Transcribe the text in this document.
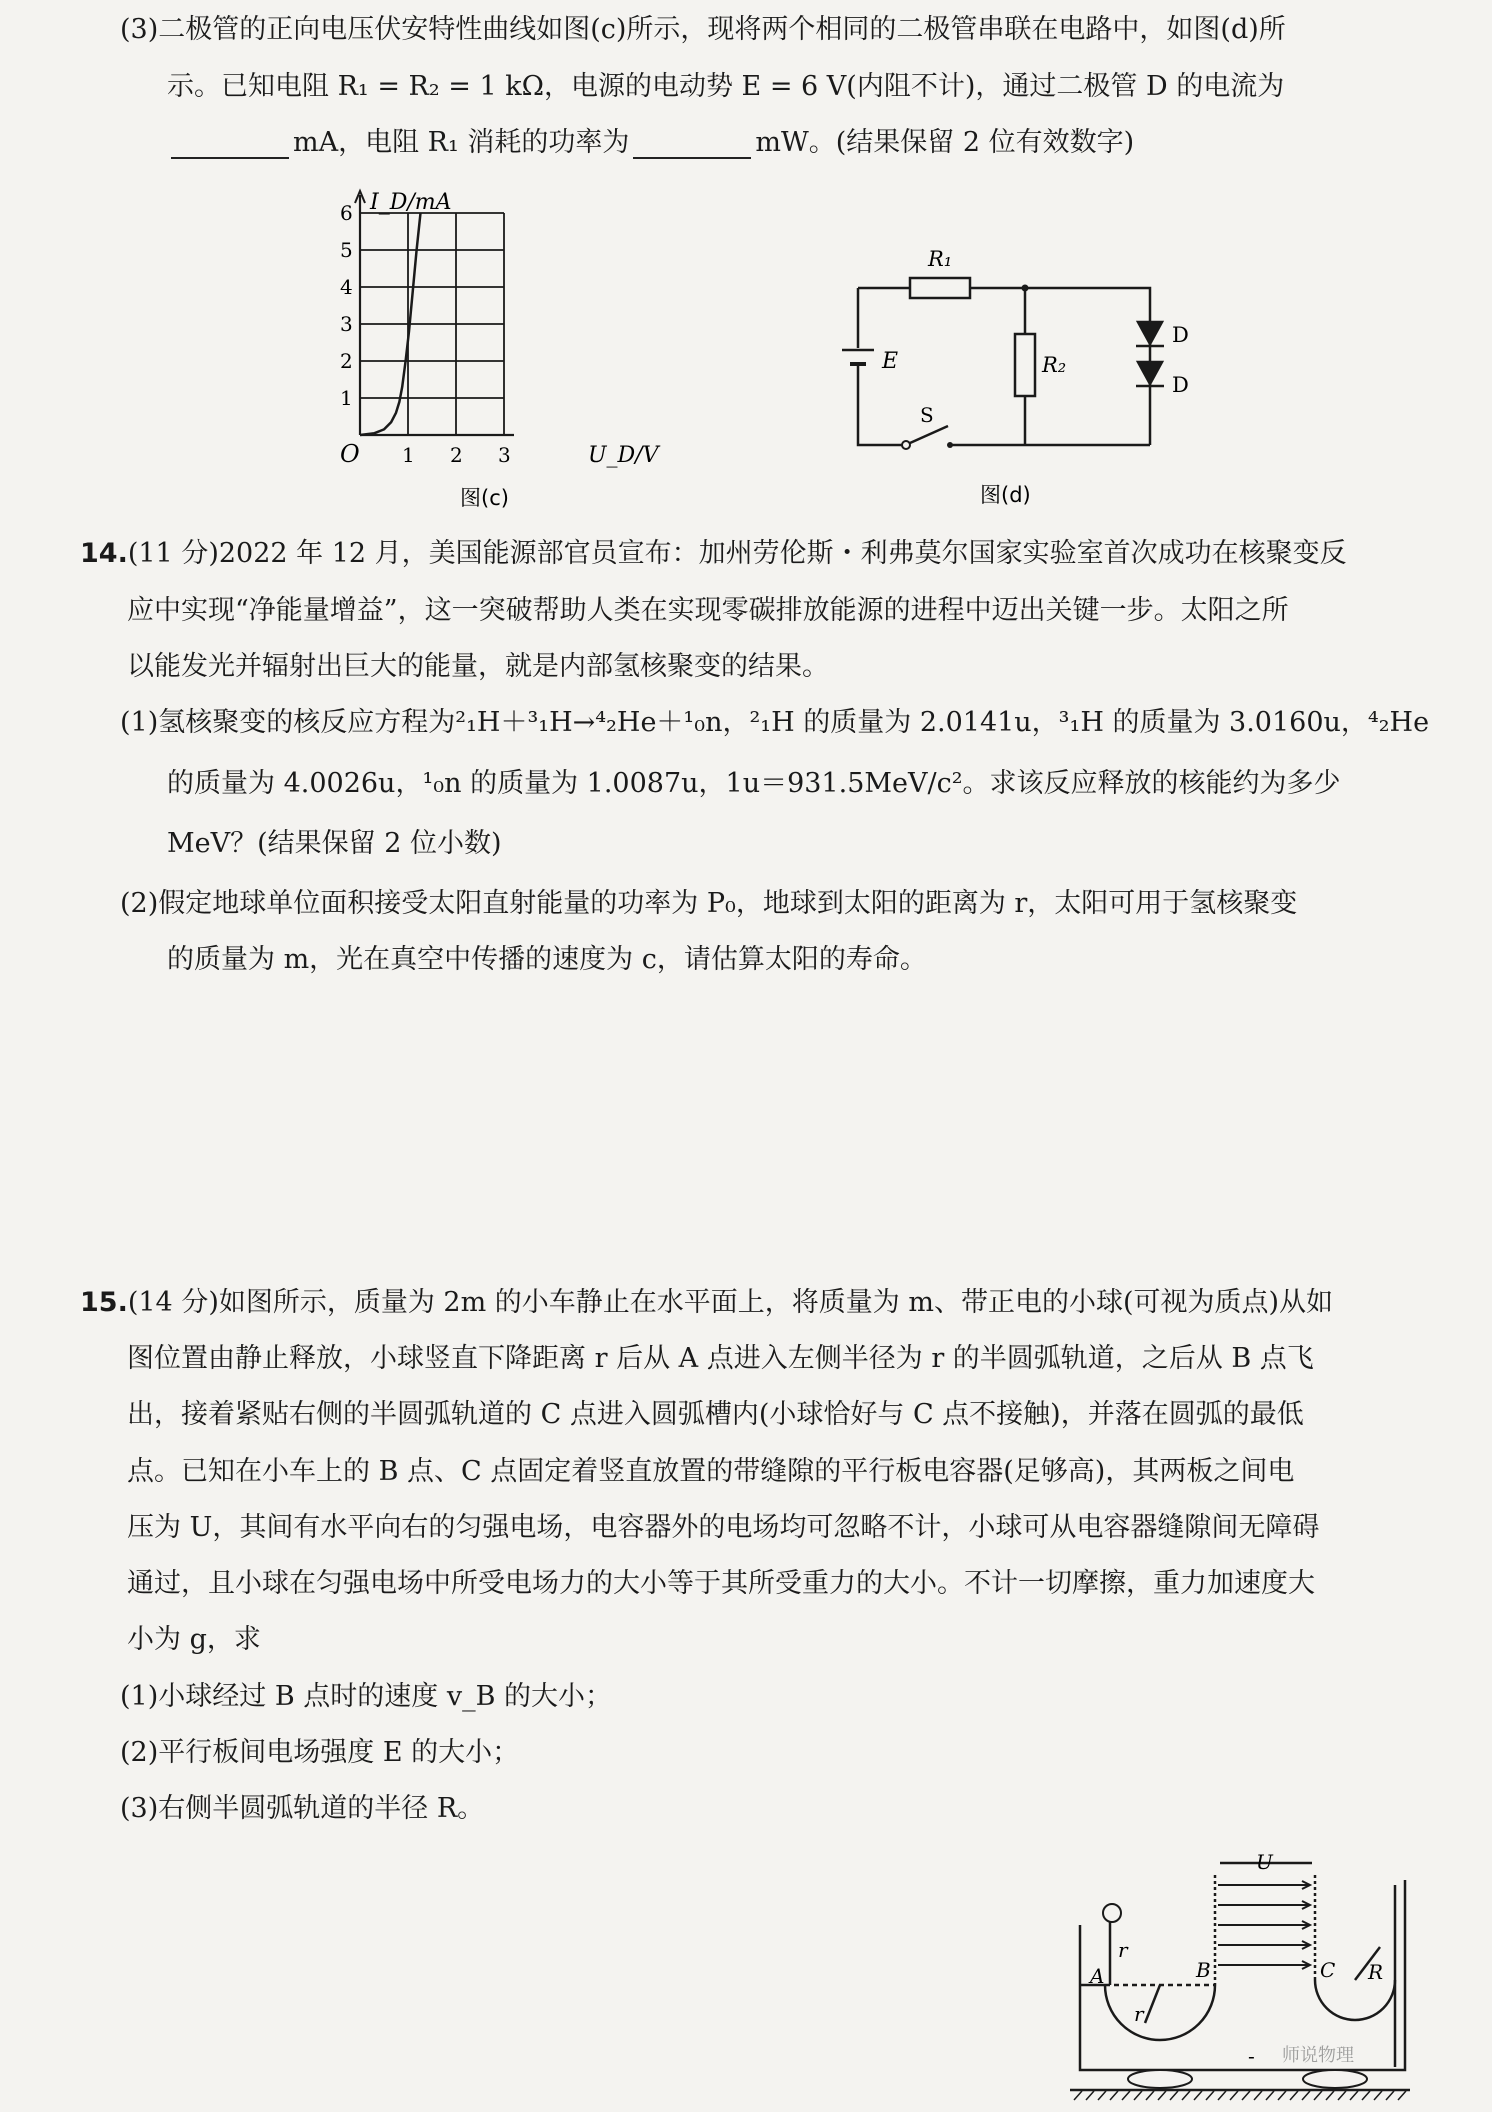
(3)二极管的正向电压伏安特性曲线如图(c)所示，现将两个相同的二极管串联在电路中，如图(d)所
示。已知电阻 R₁ = R₂ = 1 kΩ，电源的电动势 E = 6 V(内阻不计)，通过二极管 D 的电流为
mA，电阻 R₁ 消耗的功率为	mW。(结果保留 2 位有效数字)
1
2
3
4
5
6
1 2 3
I_D/mA
U_D/V
O
图(c)
R₁
R₂
E
S
D
D
图(d)
14.(11 分)2022 年 12 月，美国能源部官员宣布：加州劳伦斯・利弗莫尔国家实验室首次成功在核聚变反
应中实现“净能量增益”，这一突破帮助人类在实现零碳排放能源的进程中迈出关键一步。太阳之所
以能发光并辐射出巨大的能量，就是内部氢核聚变的结果。
(1)氢核聚变的核反应方程为²₁H＋³₁H→⁴₂He＋¹₀n，²₁H 的质量为 2.0141u，³₁H 的质量为 3.0160u，⁴₂He
的质量为 4.0026u，¹₀n 的质量为 1.0087u，1u＝931.5MeV/c²。求该反应释放的核能约为多少
MeV？(结果保留 2 位小数)
(2)假定地球单位面积接受太阳直射能量的功率为 P₀，地球到太阳的距离为 r，太阳可用于氢核聚变
的质量为 m，光在真空中传播的速度为 c，请估算太阳的寿命。
15.(14 分)如图所示，质量为 2m 的小车静止在水平面上，将质量为 m、带正电的小球(可视为质点)从如
图位置由静止释放，小球竖直下降距离 r 后从 A 点进入左侧半径为 r 的半圆弧轨道，之后从 B 点飞
出，接着紧贴右侧的半圆弧轨道的 C 点进入圆弧槽内(小球恰好与 C 点不接触)，并落在圆弧的最低
点。已知在小车上的 B 点、C 点固定着竖直放置的带缝隙的平行板电容器(足够高)，其两板之间电
压为 U，其间有水平向右的匀强电场，电容器外的电场均可忽略不计，小球可从电容器缝隙间无障碍
通过，且小球在匀强电场中所受电场力的大小等于其所受重力的大小。不计一切摩擦，重力加速度大
小为 g，求
(1)小球经过 B 点时的速度 v_B 的大小；
(2)平行板间电场强度 E 的大小；
(3)右侧半圆弧轨道的半径 R。
U
A	B	C
r
r
R
- 师说物理
